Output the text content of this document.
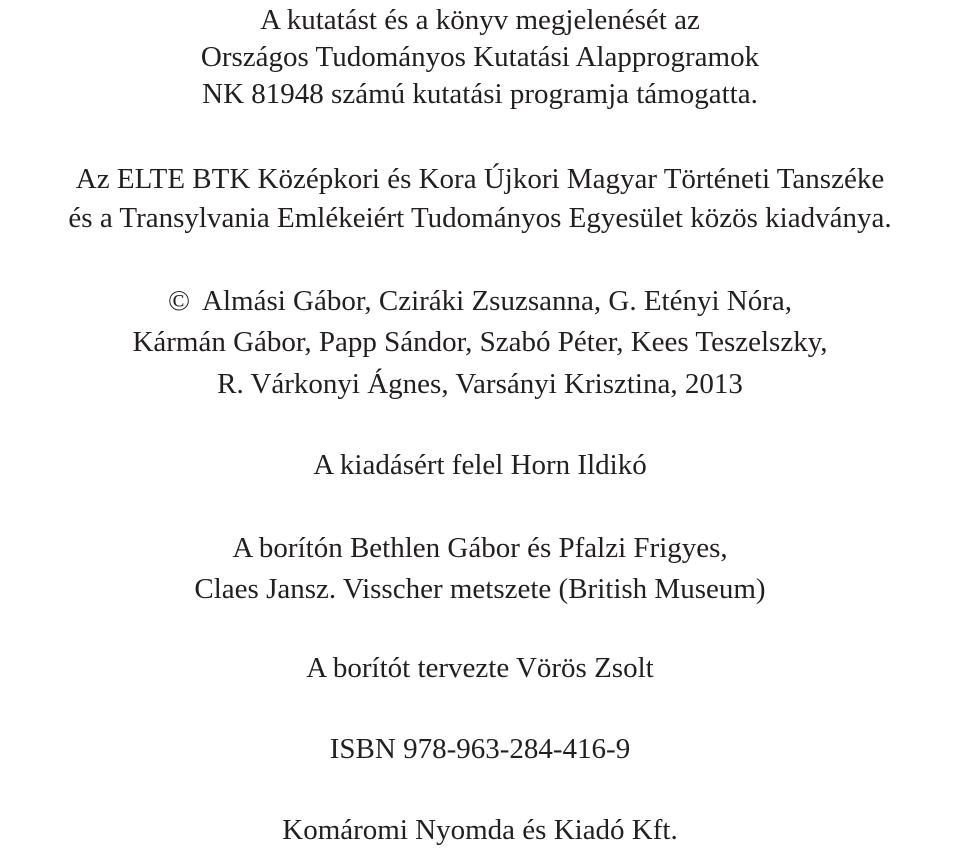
A kutatást és a könyv megjelenését az
Országos Tudományos Kutatási Alapprogramok
NK 81948 számú kutatási programja támogatta.
Az ELTE BTK Középkori és Kora Újkori Magyar Történeti Tanszéke
és a Transylvania Emlékeiért Tudományos Egyesület közös kiadványa.
© Almási Gábor, Cziráki Zsuzsanna, G. Etényi Nóra,
Kármán Gábor, Papp Sándor, Szabó Péter, Kees Teszelszky,
R. Várkonyi Ágnes, Varsányi Krisztina, 2013
A kiadásért felel Horn Ildikó
A borítón Bethlen Gábor és Pfalzi Frigyes,
Claes Jansz. Visscher metszete (British Museum)
A borítót tervezte Vörös Zsolt
ISBN 978-963-284-416-9
Komáromi Nyomda és Kiadó Kft.
